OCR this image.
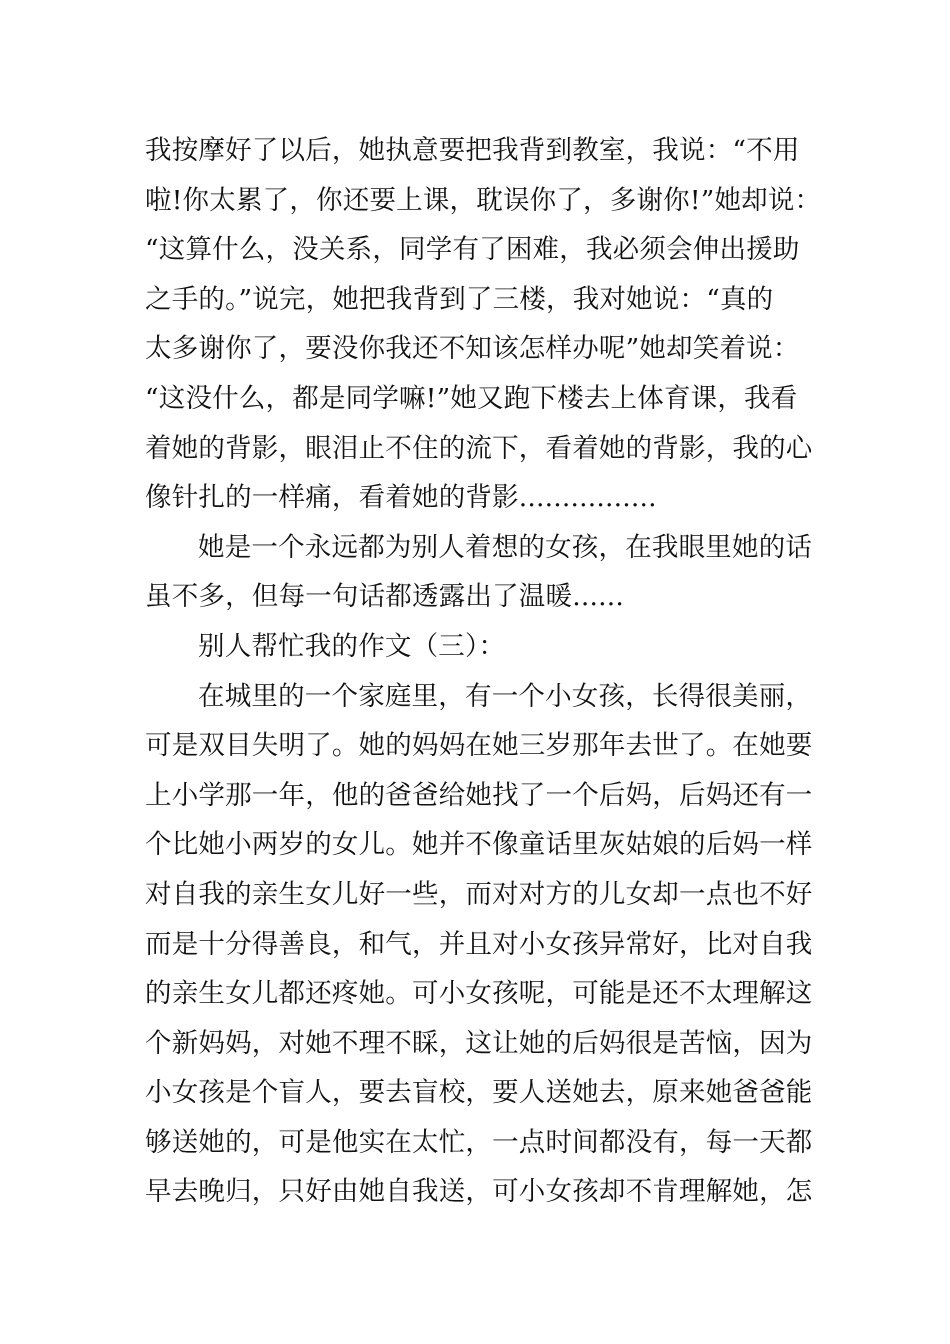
我按摩好了以后，她执意要把我背到教室，我说：“不用
啦!你太累了，你还要上课，耽误你了，多谢你!”她却说：
“这算什么，没关系，同学有了困难，我必须会伸出援助
之手的。”说完，她把我背到了三楼，我对她说：“真的
太多谢你了，要没你我还不知该怎样办呢”她却笑着说：
“这没什么，都是同学嘛!”她又跑下楼去上体育课，我看
着她的背影，眼泪止不住的流下，看着她的背影，我的心
像针扎的一样痛，看着她的背影................
她是一个永远都为别人着想的女孩，在我眼里她的话
虽不多，但每一句话都透露出了温暖......
别人帮忙我的作文（三）：
在城里的一个家庭里，有一个小女孩，长得很美丽，
可是双目失明了。她的妈妈在她三岁那年去世了。在她要
上小学那一年，他的爸爸给她找了一个后妈，后妈还有一
个比她小两岁的女儿。她并不像童话里灰姑娘的后妈一样
对自我的亲生女儿好一些，而对对方的儿女却一点也不好
而是十分得善良，和气，并且对小女孩异常好，比对自我
的亲生女儿都还疼她。可小女孩呢，可能是还不太理解这
个新妈妈，对她不理不睬，这让她的后妈很是苦恼，因为
小女孩是个盲人，要去盲校，要人送她去，原来她爸爸能
够送她的，可是他实在太忙，一点时间都没有，每一天都
早去晚归，只好由她自我送，可小女孩却不肯理解她，怎
